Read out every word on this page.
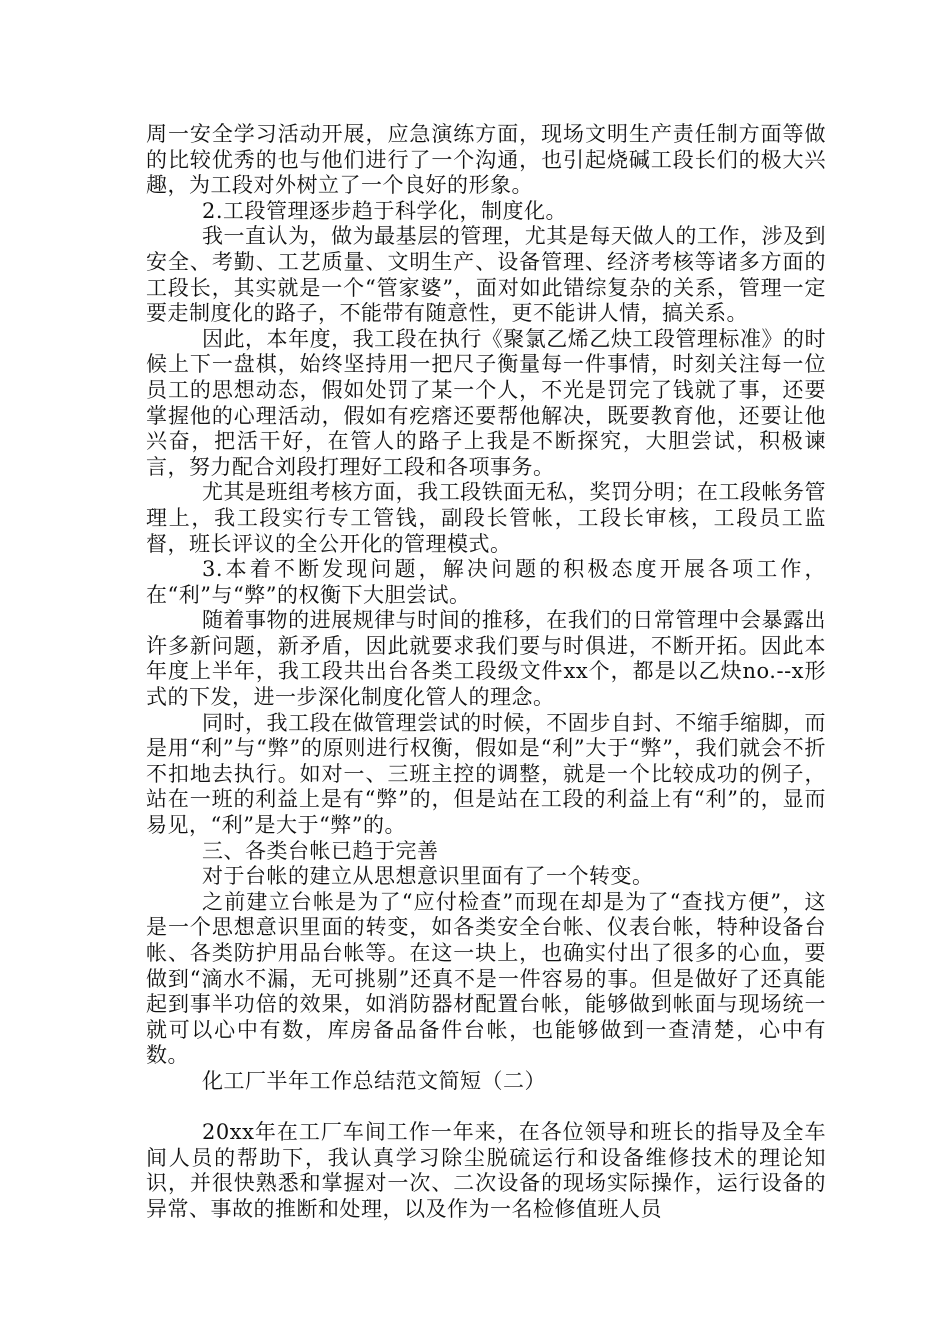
周一安全学习活动开展，应急演练方面，现场文明生产责任制方面等做的比较优秀的也与他们进行了一个沟通，也引起烧碱工段长们的极大兴趣，为工段对外树立了一个良好的形象。

2.工段管理逐步趋于科学化，制度化。

我一直认为，做为最基层的管理，尤其是每天做人的工作，涉及到安全、考勤、工艺质量、文明生产、设备管理、经济考核等诸多方面的工段长，其实就是一个“管家婆”，面对如此错综复杂的关系，管理一定要走制度化的路子，不能带有随意性，更不能讲人情，搞关系。

因此，本年度，我工段在执行《聚氯乙烯乙炔工段管理标准》的时候上下一盘棋，始终坚持用一把尺子衡量每一件事情，时刻关注每一位员工的思想动态，假如处罚了某一个人，不光是罚完了钱就了事，还要掌握他的心理活动，假如有疙瘩还要帮他解决，既要教育他，还要让他兴奋，把活干好，在管人的路子上我是不断探究，大胆尝试，积极谏言，努力配合刘段打理好工段和各项事务。

尤其是班组考核方面，我工段铁面无私，奖罚分明；在工段帐务管理上，我工段实行专工管钱，副段长管帐，工段长审核，工段员工监督，班长评议的全公开化的管理模式。

3.本着不断发现问题，解决问题的积极态度开展各项工作，在“利”与“弊”的权衡下大胆尝试。

随着事物的进展规律与时间的推移，在我们的日常管理中会暴露出许多新问题，新矛盾，因此就要求我们要与时俱进，不断开拓。因此本年度上半年，我工段共出台各类工段级文件xx个，都是以乙炔no.--x形式的下发，进一步深化制度化管人的理念。

同时，我工段在做管理尝试的时候，不固步自封、不缩手缩脚，而是用“利”与“弊”的原则进行权衡，假如是“利”大于“弊”，我们就会不折不扣地去执行。如对一、三班主控的调整，就是一个比较成功的例子，站在一班的利益上是有“弊”的，但是站在工段的利益上有“利”的，显而易见，“利”是大于“弊”的。

三、各类台帐已趋于完善

对于台帐的建立从思想意识里面有了一个转变。

之前建立台帐是为了“应付检查”而现在却是为了“查找方便”，这是一个思想意识里面的转变，如各类安全台帐、仪表台帐，特种设备台帐、各类防护用品台帐等。在这一块上，也确实付出了很多的心血，要做到“滴水不漏，无可挑剔”还真不是一件容易的事。但是做好了还真能起到事半功倍的效果，如消防器材配置台帐，能够做到帐面与现场统一就可以心中有数，库房备品备件台帐，也能够做到一查清楚，心中有数。

化工厂半年工作总结范文简短（二）

20xx年在工厂车间工作一年来，在各位领导和班长的指导及全车间人员的帮助下，我认真学习除尘脱硫运行和设备维修技术的理论知识，并很快熟悉和掌握对一次、二次设备的现场实际操作，运行设备的异常、事故的推断和处理，以及作为一名检修值班人员
